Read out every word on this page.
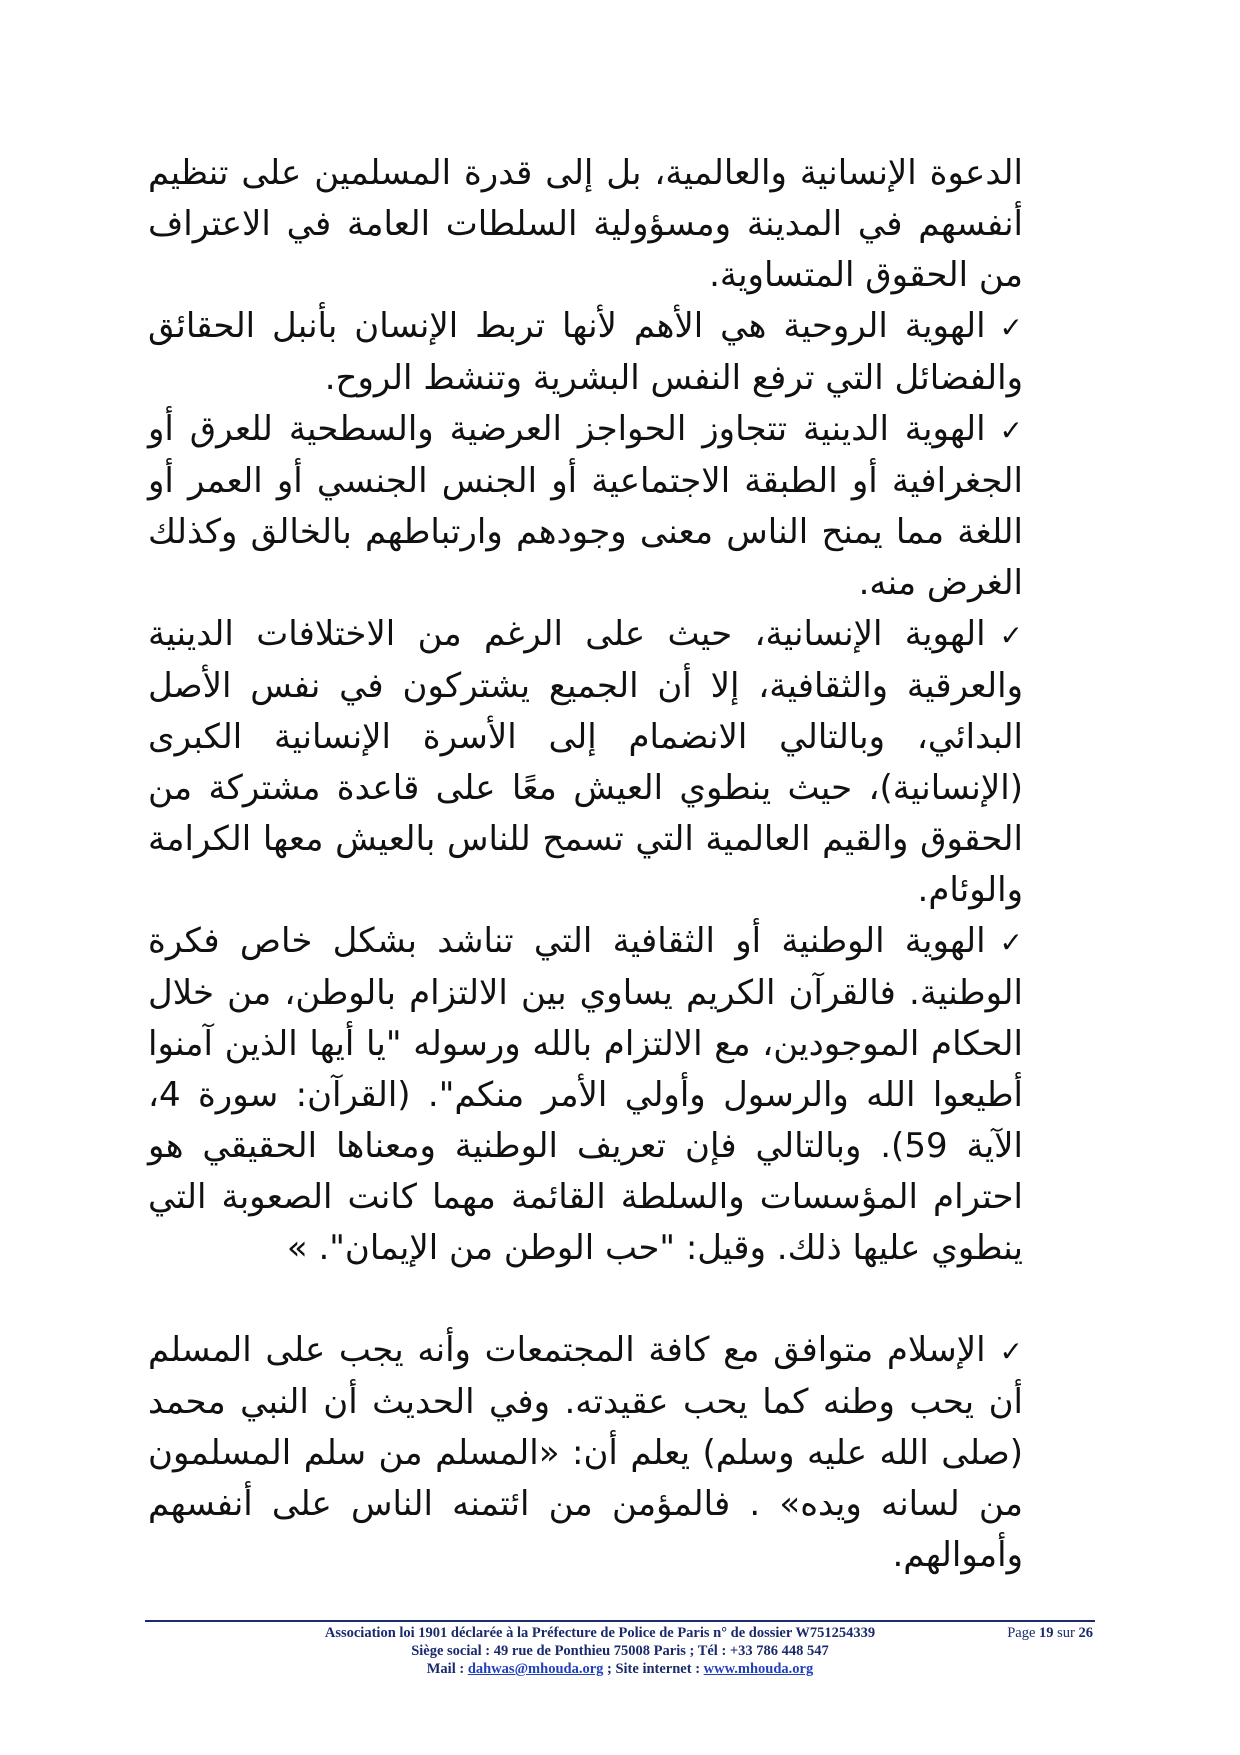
الدعوة الإنسانية والعالمية، بل إلى قدرة المسلمين على تنظيم أنفسهم في المدينة ومسؤولية السلطات العامة في الاعتراف من الحقوق المتساوية.

✓الهوية الروحية هي الأهم لأنها تربط الإنسان بأنبل الحقائق والفضائل التي ترفع النفس البشرية وتنشط الروح.
✓الهوية الدينية تتجاوز الحواجز العرضية والسطحية للعرق أو الجغرافية أو الطبقة الاجتماعية أو الجنس الجنسي أو العمر أو اللغة مما يمنح الناس معنى وجودهم وارتباطهم بالخالق وكذلك الغرض منه.
✓الهوية الإنسانية، حيث على الرغم من الاختلافات الدينية والعرقية والثقافية، إلا أن الجميع يشتركون في نفس الأصل البدائي، وبالتالي الانضمام إلى الأسرة الإنسانية الكبرى (الإنسانية)، حيث ينطوي العيش معًا على قاعدة مشتركة من الحقوق والقيم العالمية التي تسمح للناس بالعيش معها الكرامة والوئام.
✓الهوية الوطنية أو الثقافية التي تناشد بشكل خاص فكرة الوطنية. فالقرآن الكريم يساوي بين الالتزام بالوطن، من خلال الحكام الموجودين، مع الالتزام بالله ورسوله "يا أيها الذين آمنوا أطيعوا الله والرسول وأولي الأمر منكم". (القرآن: سورة 4، الآية 59). وبالتالي فإن تعريف الوطنية ومعناها الحقيقي هو احترام المؤسسات والسلطة القائمة مهما كانت الصعوبة التي ينطوي عليها ذلك. وقيل: "حب الوطن من الإيمان". »
✓الإسلام متوافق مع كافة المجتمعات وأنه يجب على المسلم أن يحب وطنه كما يحب عقيدته. وفي الحديث أن النبي محمد (صلى الله عليه وسلم) يعلم أن: «المسلم من سلم المسلمون من لسانه ويده» . فالمؤمن من ائتمنه الناس على أنفسهم وأموالهم.
Association loi 1901 déclarée à la Préfecture de Police de Paris n° de dossier W751254339	Page 19 sur 26
Siège social : 49 rue de Ponthieu 75008 Paris ; Tél : +33 786 448 547
Mail : dahwas@mhouda.org ; Site internet : www.mhouda.org
